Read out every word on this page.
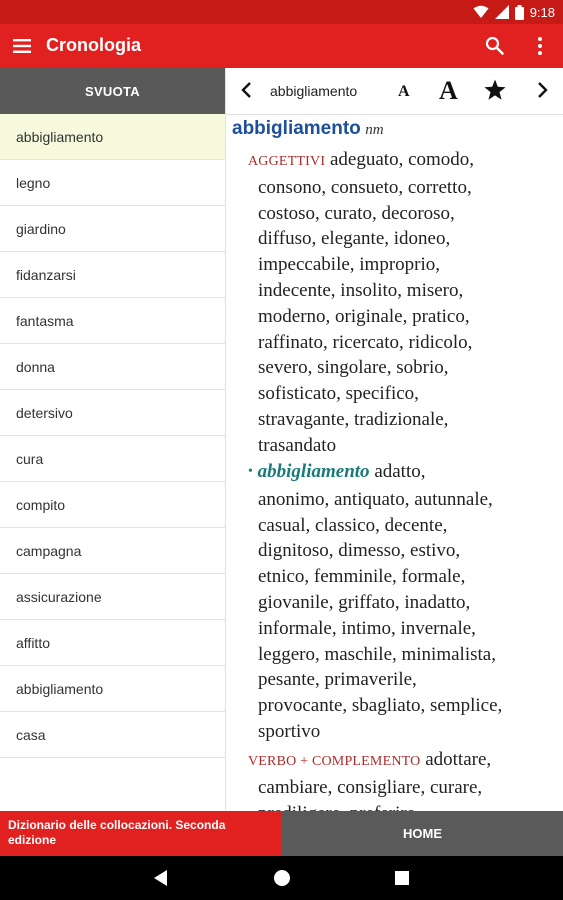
9:18
Cronologia
SVUOTA
abbigliamento
legno
giardino
fidanzarsi
fantasma
donna
detersivo
cura
compito
campagna
assicurazione
affitto
abbigliamento
casa
abbigliamento	A A
abbigliamento nm
AGGETTIVI adeguato, comodo,
consono, consueto, corretto,
costoso, curato, decoroso,
diffuso, elegante, idoneo,
impeccabile, improprio,
indecente, insolito, misero,
moderno, originale, pratico,
raffinato, ricercato, ridicolo,
severo, singolare, sobrio,
sofisticato, specifico,
stravagante, tradizionale,
trasandato
• abbigliamento adatto,
anonimo, antiquato, autunnale,
casual, classico, decente,
dignitoso, dimesso, estivo,
etnico, femminile, formale,
giovanile, griffato, inadatto,
informale, intimo, invernale,
leggero, maschile, minimalista,
pesante, primaverile,
provocante, sbagliato, semplice,
sportivo
VERBO + COMPLEMENTO adottare,
cambiare, consigliare, curare,
Dizionario delle collocazioni. Seconda edizione	HOME
